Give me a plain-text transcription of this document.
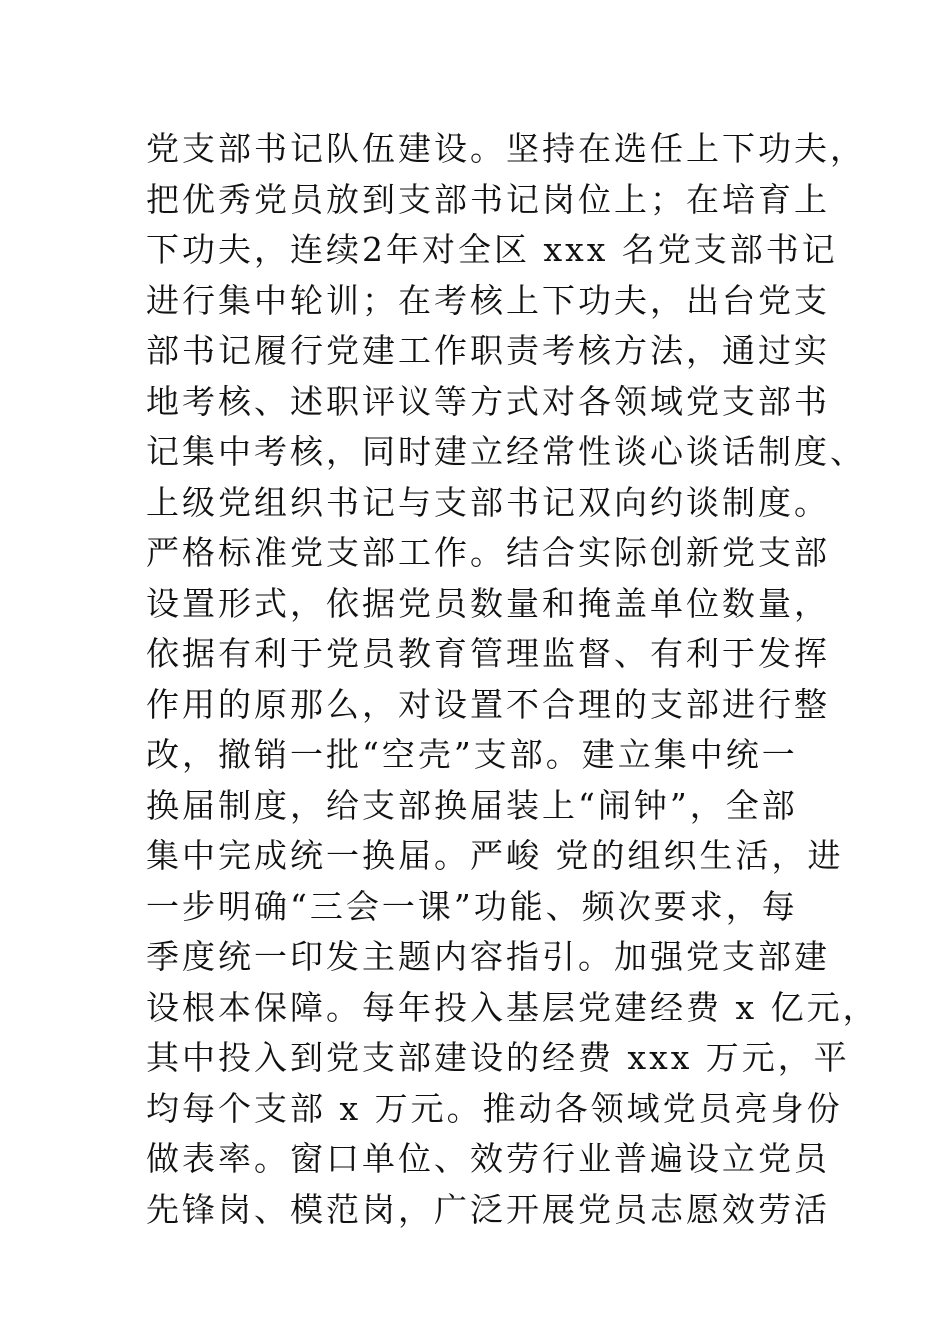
党支部书记队伍建设。坚持在选任上下功夫，
把优秀党员放到支部书记岗位上；在培育上
下功夫，连续2年对全区 xxx 名党支部书记
进行集中轮训；在考核上下功夫，出台党支
部书记履行党建工作职责考核方法，通过实
地考核、述职评议等方式对各领域党支部书
记集中考核，同时建立经常性谈心谈话制度、
上级党组织书记与支部书记双向约谈制度。
严格标准党支部工作。结合实际创新党支部
设置形式，依据党员数量和掩盖单位数量，
依据有利于党员教育管理监督、有利于发挥
作用的原那么，对设置不合理的支部进行整
改，撤销一批“空壳”支部。建立集中统一
换届制度，给支部换届装上“闹钟”，全部
集中完成统一换届。严峻 党的组织生活，进
一步明确“三会一课”功能、频次要求，每
季度统一印发主题内容指引。加强党支部建
设根本保障。每年投入基层党建经费 x 亿元，
其中投入到党支部建设的经费 xxx 万元，平
均每个支部 x 万元。推动各领域党员亮身份
做表率。窗口单位、效劳行业普遍设立党员
先锋岗、模范岗，广泛开展党员志愿效劳活
